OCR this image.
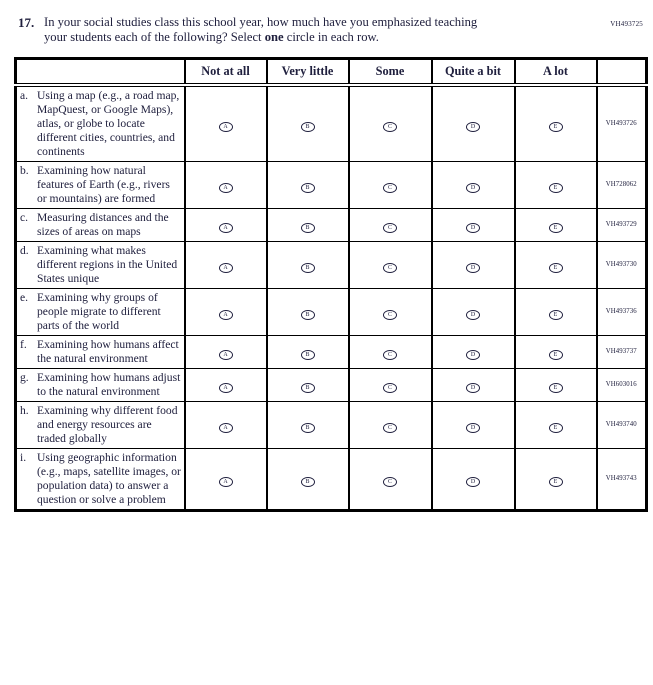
VH493725
17. In your social studies class this school year, how much have you emphasized teaching your students each of the following? Select one circle in each row.
	Not at all	Very little	Some	Quite a bit	A lot	

a. Using a map (e.g., a road map, MapQuest, or Google Maps), atlas, or globe to locate different cities, countries, and continents	A	B	C	D	E	VH493726

b. Examining how natural features of Earth (e.g., rivers or mountains) are formed	A	B	C	D	E	VH728062

c. Measuring distances and the sizes of areas on maps	A	B	C	D	E	VH493729

d. Examining what makes different regions in the United States unique	A	B	C	D	E	VH493730

e. Examining why groups of people migrate to different parts of the world	A	B	C	D	E	VH493736

f. Examining how humans affect the natural environment	A	B	C	D	E	VH493737

g. Examining how humans adjust to the natural environment	A	B	C	D	E	VH603016

h. Examining why different food and energy resources are traded globally	A	B	C	D	E	VH493740

i. Using geographic information (e.g., maps, satellite images, or population data) to answer a question or solve a problem	A	B	C	D	E	VH493743
